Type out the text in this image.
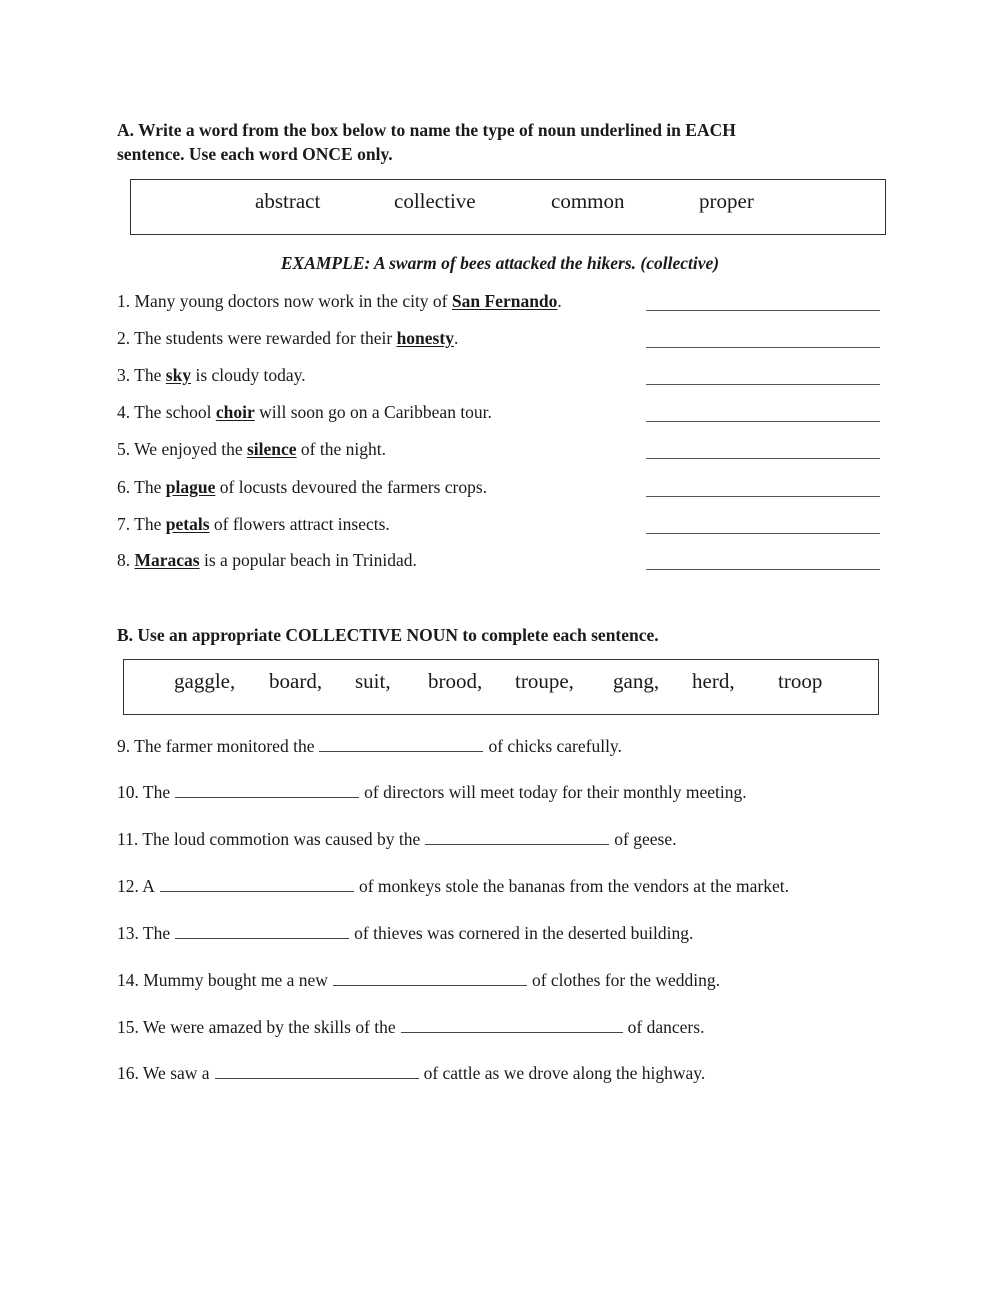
A. Write a word from the box below to name the type of noun underlined in EACH

sentence. Use each word ONCE only.

abstract	collective	common	proper
EXAMPLE: A swarm of bees attacked the hikers. (collective)
1. Many young doctors now work in the city of San Fernando.
2. The students were rewarded for their honesty.
3. The sky is cloudy today.
4. The school choir will soon go on a Caribbean tour.
5. We enjoyed the silence of the night.
6. The plague of locusts devoured the farmers crops.
7. The petals of flowers attract insects.
8. Maracas is a popular beach in Trinidad.

B. Use an appropriate COLLECTIVE NOUN to complete each sentence.

gaggle, board, suit, brood, troupe, gang, herd, troop
9. The farmer monitored the	of chicks carefully.
10. The	of directors will meet today for their monthly meeting.
11. The loud commotion was caused by the	of geese.
12. A	of monkeys stole the bananas from the vendors at the market.
13. The	of thieves was cornered in the deserted building.
14. Mummy bought me a new	of clothes for the wedding.
15. We were amazed by the skills of the	of dancers.
16. We saw a	of cattle as we drove along the highway.
